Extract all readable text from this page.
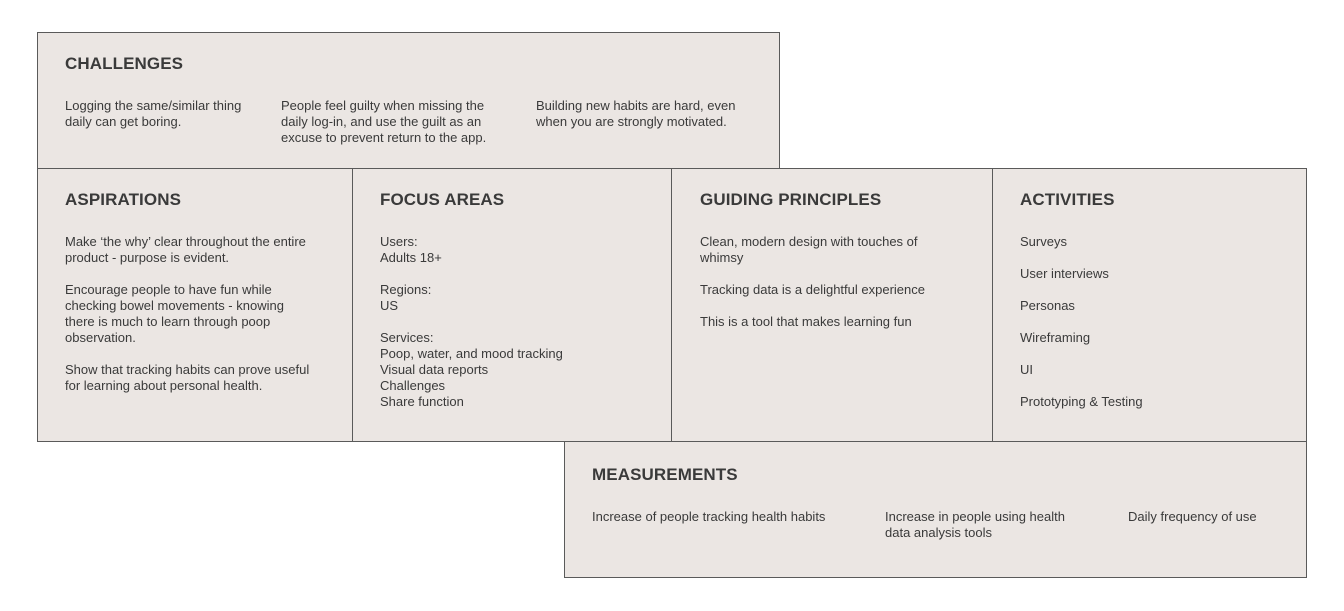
CHALLENGES

Logging the same/similar thing
daily can get boring.

People feel guilty when missing the
daily log-in, and use the guilt as an
excuse to prevent return to the app.

Building new habits are hard, even
when you are strongly motivated.

ASPIRATIONS

Make ‘the why’ clear throughout the entire
product - purpose is evident.

Encourage people to have fun while
checking bowel movements - knowing
there is much to learn through poop
observation.

Show that tracking habits can prove useful
for learning about personal health.

FOCUS AREAS

Users:

Adults 18+

Regions:

US

Services:

Poop, water, and mood tracking

Visual data reports

Challenges

Share function

GUIDING PRINCIPLES

Clean, modern design with touches of
whimsy

Tracking data is a delightful experience

This is a tool that makes learning fun

ACTIVITIES

Surveys

User interviews

Personas

Wireframing

UI

Prototyping & Testing

MEASUREMENTS

Increase of people tracking health habits	Increase in people using health
data analysis tools

Daily frequency of use
